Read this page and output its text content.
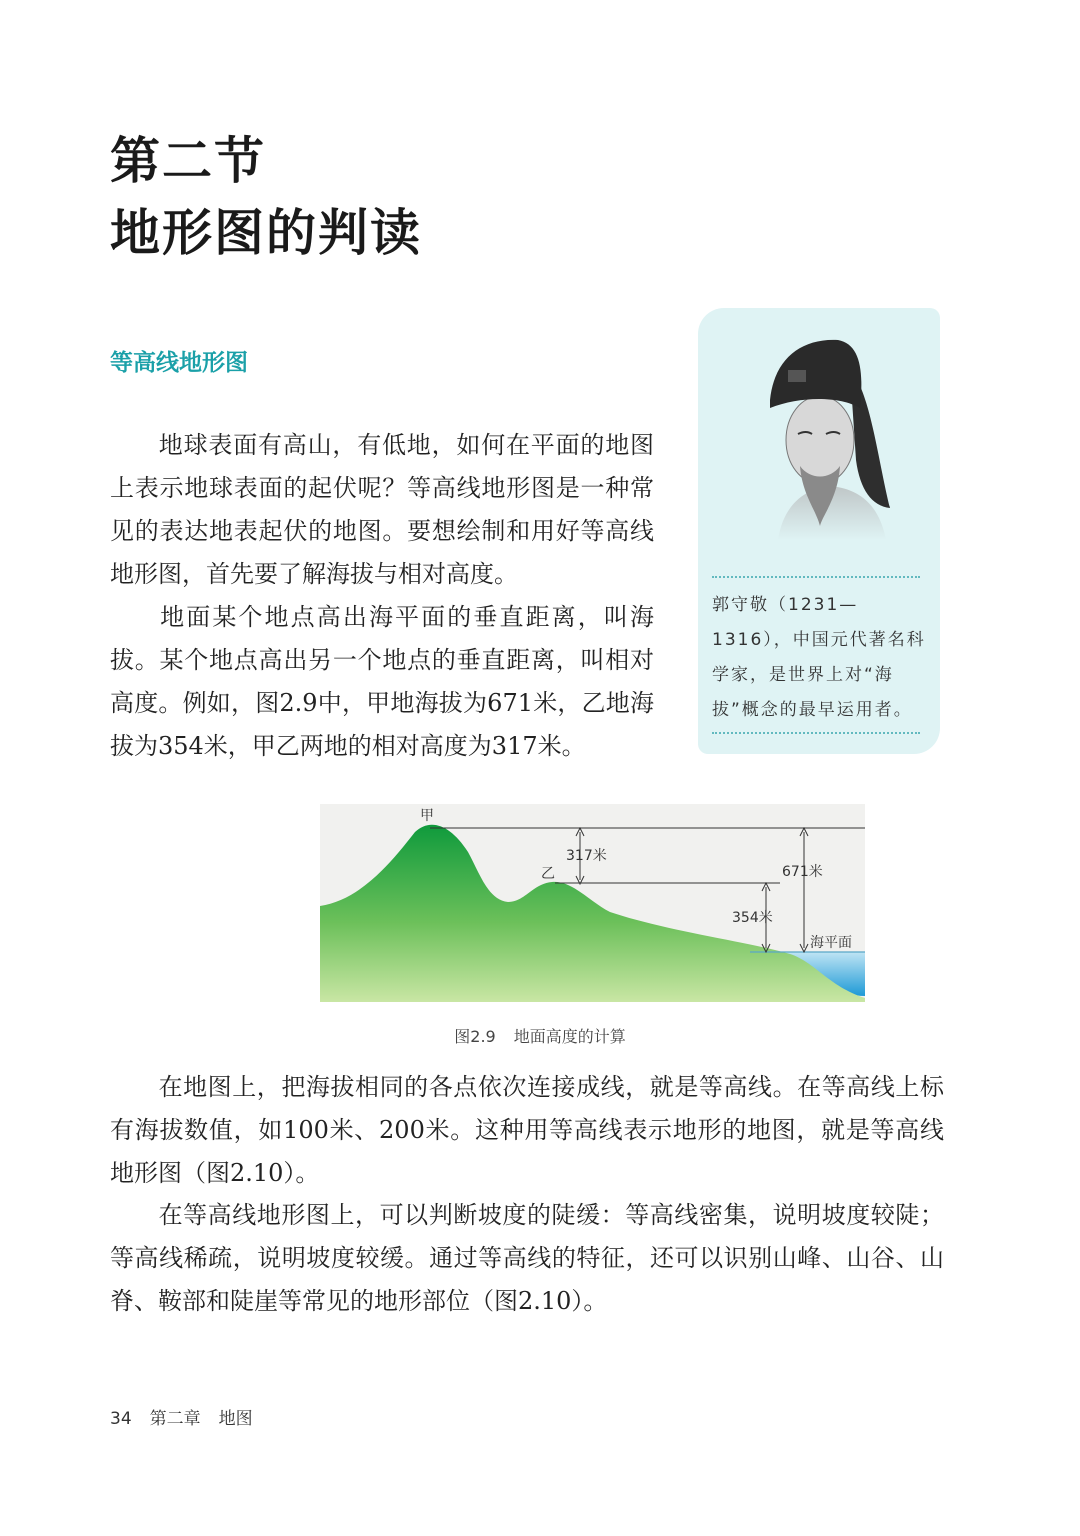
第二节
地形图的判读
等高线地形图
地球表面有高山，有低地，如何在平面的地图上表示地球表面的起伏呢？等高线地形图是一种常见的表达地表起伏的地图。要想绘制和用好等高线地形图，首先要了解海拔与相对高度。
地面某个地点高出海平面的垂直距离，叫海拔。某个地点高出另一个地点的垂直距离，叫相对高度。例如，图2.9中，甲地海拔为671米，乙地海拔为354米，甲乙两地的相对高度为317米。
郭守敬（1231—1316），中国元代著名科学家，是世界上对“海拔”概念的最早运用者。
甲
乙
317米
671米
354米
海平面
图2.9 地面高度的计算
在地图上，把海拔相同的各点依次连接成线，就是等高线。在等高线上标有海拔数值，如100米、200米。这种用等高线表示地形的地图，就是等高线地形图（图2.10）。
在等高线地形图上，可以判断坡度的陡缓：等高线密集，说明坡度较陡；等高线稀疏，说明坡度较缓。通过等高线的特征，还可以识别山峰、山谷、山脊、鞍部和陡崖等常见的地形部位（图2.10）。
34 第二章 地图
